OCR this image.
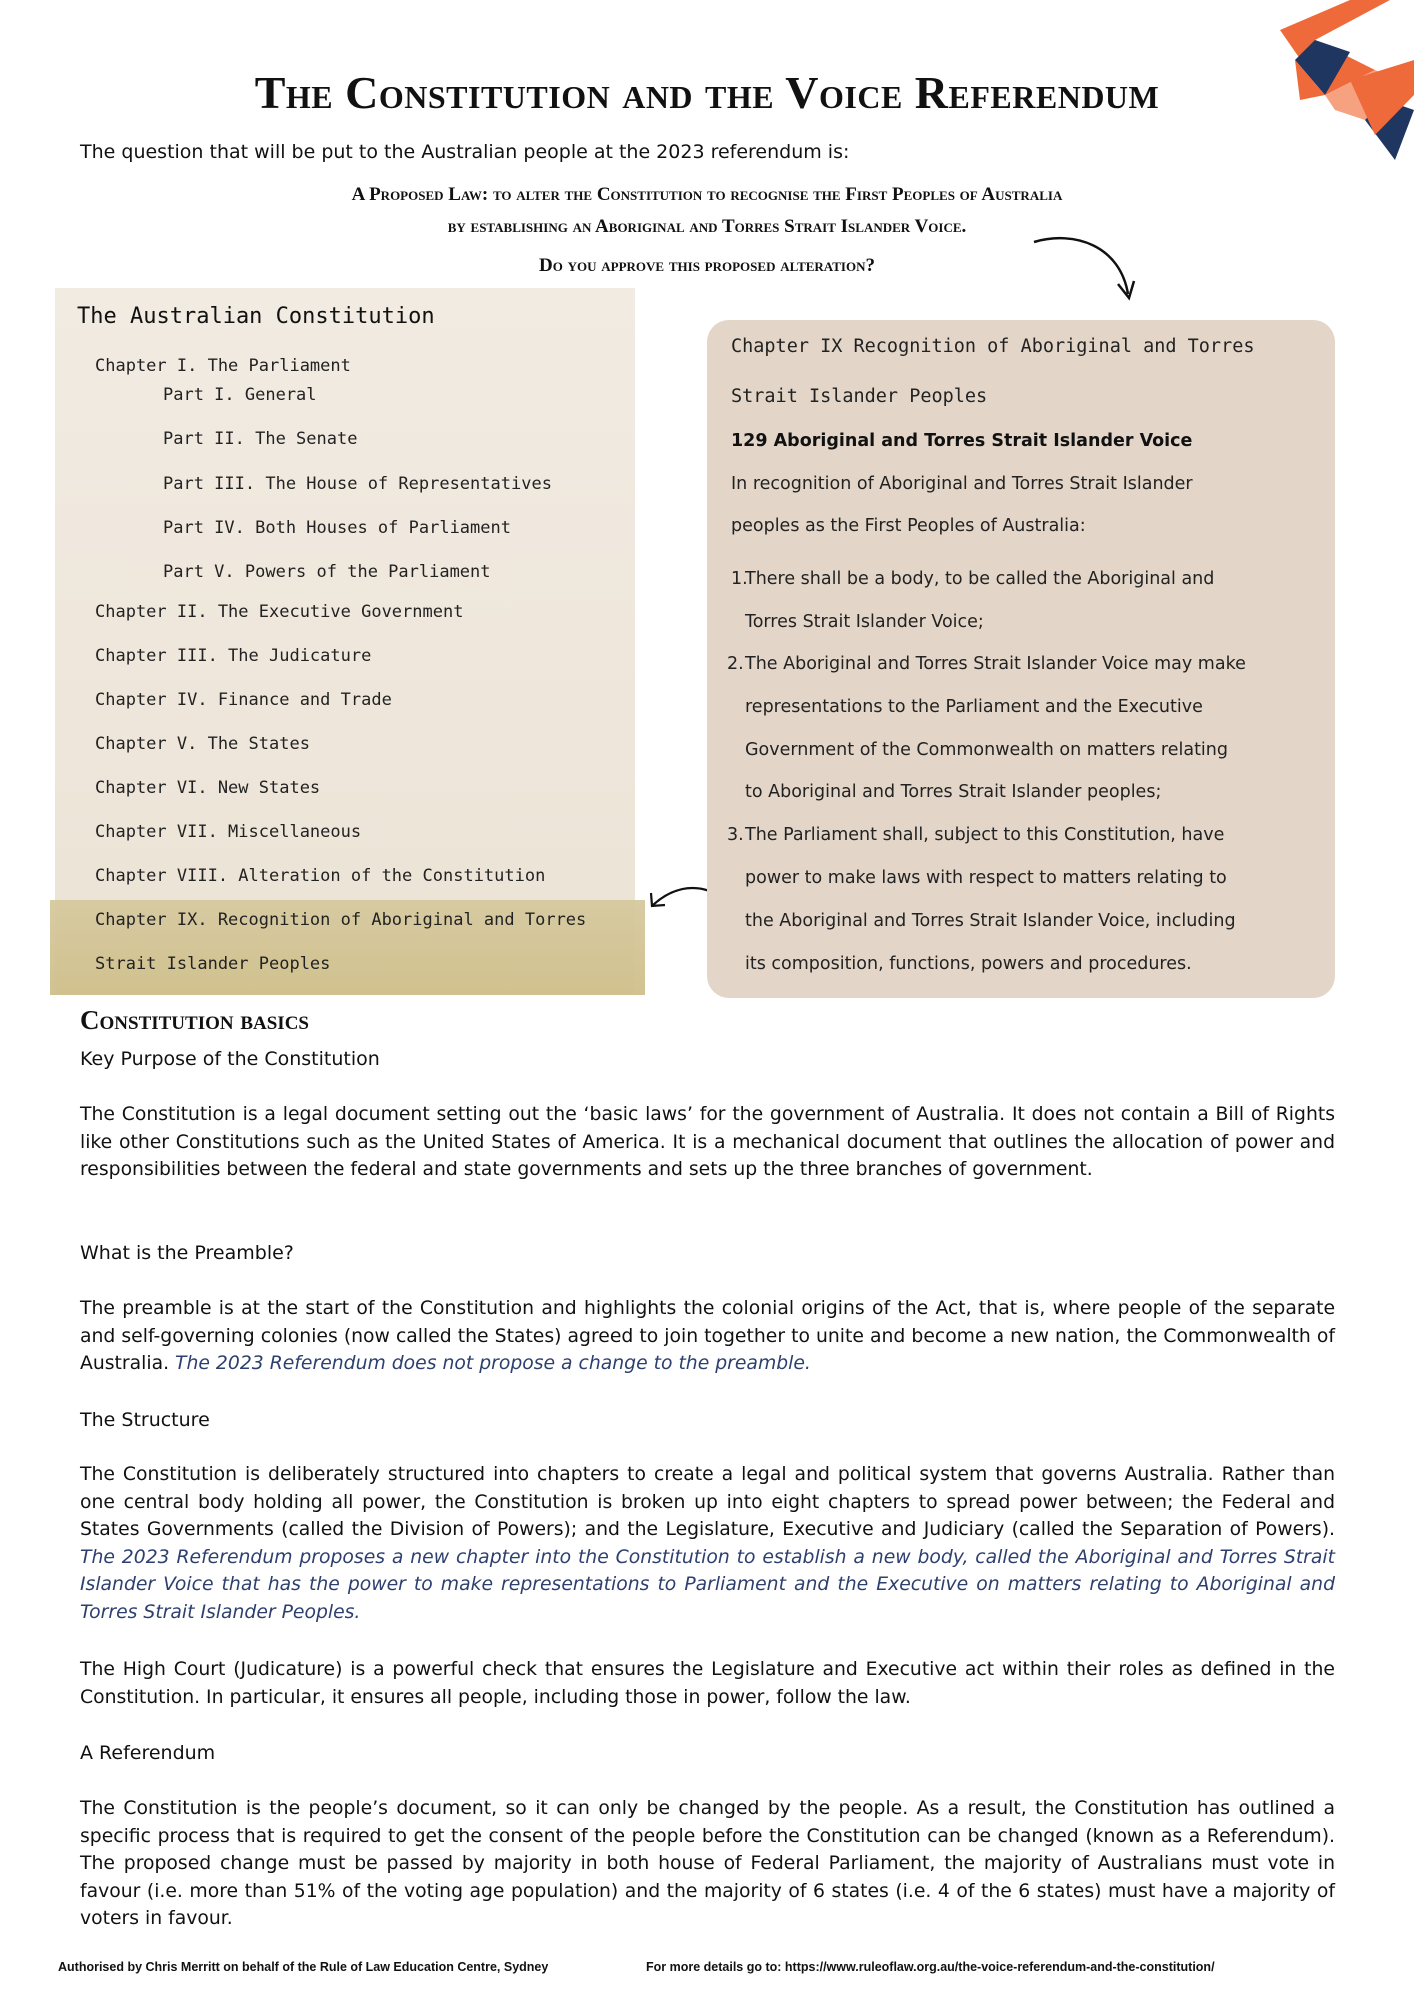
The Constitution and the Voice Referendum
The question that will be put to the Australian people at the 2023 referendum is:
A Proposed Law: to alter the Constitution to recognise the First Peoples of Australia
by establishing an Aboriginal and Torres Strait Islander Voice.
Do you approve this proposed alteration?
The Australian Constitution
Chapter I. The Parliament
Part I. General
Part II. The Senate
Part III. The House of Representatives
Part IV. Both Houses of Parliament
Part V. Powers of the Parliament
Chapter II. The Executive Government
Chapter III. The Judicature
Chapter IV. Finance and Trade
Chapter V. The States
Chapter VI. New States
Chapter VII. Miscellaneous
Chapter VIII. Alteration of the Constitution
Chapter IX. Recognition of Aboriginal and Torres
Strait Islander Peoples
Chapter IX Recognition of Aboriginal and Torres
Strait Islander Peoples
129 Aboriginal and Torres Strait Islander Voice
In recognition of Aboriginal and Torres Strait Islander
peoples as the First Peoples of Australia:
1.
There shall be a body, to be called the Aboriginal and
Torres Strait Islander Voice;
2. The Aboriginal and Torres Strait Islander Voice may make
representations to the Parliament and the Executive
Government of the Commonwealth on matters relating
to Aboriginal and Torres Strait Islander peoples;
3. The Parliament shall, subject to this Constitution, have
power to make laws with respect to matters relating to
the Aboriginal and Torres Strait Islander Voice, including
its composition, functions, powers and procedures.
Constitution basics
Key Purpose of the Constitution

The Constitution is a legal document setting out the ‘basic laws’ for the government of Australia. It does not contain a Bill of Rights like other Constitutions such as the United States of America. It is a mechanical document that outlines the allocation of power and responsibilities between the federal and state governments and sets up the three branches of government.

What is the Preamble?

The preamble is at the start of the Constitution and highlights the colonial origins of the Act, that is, where people of the separate and self-governing colonies (now called the States) agreed to join together to unite and become a new nation, the Commonwealth of Australia. The 2023 Referendum does not propose a change to the preamble.

The Structure

The Constitution is deliberately structured into chapters to create a legal and political system that governs Australia. Rather than one central body holding all power, the Constitution is broken up into eight chapters to spread power between; the Federal and States Governments (called the Division of Powers); and the Legislature, Executive and Judiciary (called the Separation of Powers). The 2023 Referendum proposes a new chapter into the Constitution to establish a new body, called the Aboriginal and Torres Strait Islander Voice that has the power to make representations to Parliament and the Executive on matters relating to Aboriginal and Torres Strait Islander Peoples.

The High Court (Judicature) is a powerful check that ensures the Legislature and Executive act within their roles as defined in the Constitution. In particular, it ensures all people, including those in power, follow the law.

A Referendum

The Constitution is the people’s document, so it can only be changed by the people. As a result, the Constitution has outlined a specific process that is required to get the consent of the people before the Constitution can be changed (known as a Referendum). The proposed change must be passed by majority in both house of Federal Parliament, the majority of Australians must vote in favour (i.e. more than 51% of the voting age population) and the majority of 6 states (i.e. 4 of the 6 states) must have a majority of voters in favour.

Authorised by Chris Merritt on behalf of the Rule of Law Education Centre, Sydney	For more details go to: https://www.ruleoflaw.org.au/the-voice-referendum-and-the-constitution/
